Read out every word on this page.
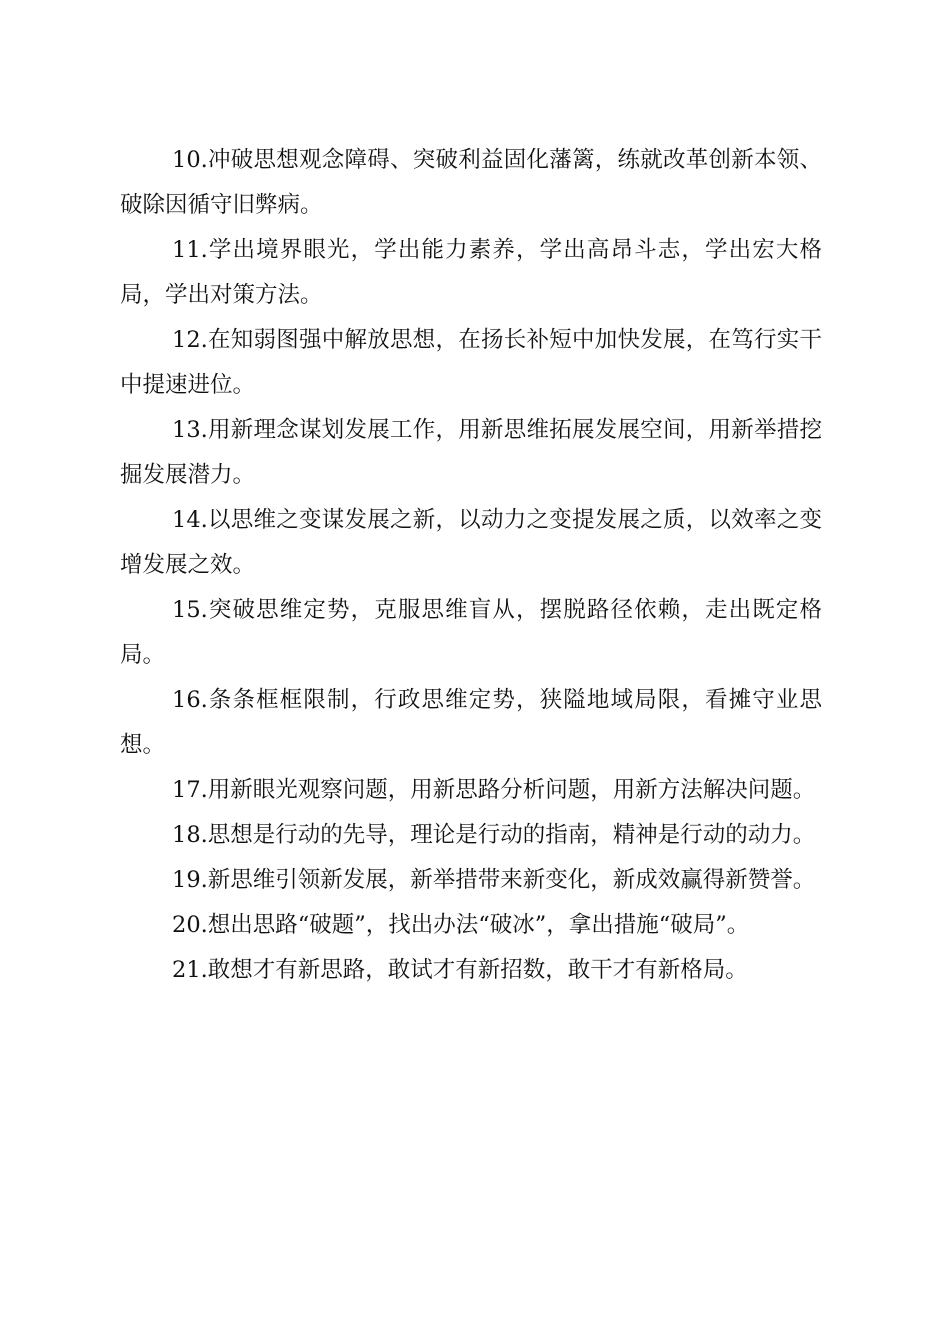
10.冲破思想观念障碍、突破利益固化藩篱，练就改革创新本领、破除因循守旧弊病。

11.学出境界眼光，学出能力素养，学出高昂斗志，学出宏大格局，学出对策方法。

12.在知弱图强中解放思想，在扬长补短中加快发展，在笃行实干中提速进位。

13.用新理念谋划发展工作，用新思维拓展发展空间，用新举措挖掘发展潜力。

14.以思维之变谋发展之新，以动力之变提发展之质，以效率之变增发展之效。

15.突破思维定势，克服思维盲从，摆脱路径依赖，走出既定格局。

16.条条框框限制，行政思维定势，狭隘地域局限，看摊守业思想。

17.用新眼光观察问题，用新思路分析问题，用新方法解决问题。

18.思想是行动的先导，理论是行动的指南，精神是行动的动力。

19.新思维引领新发展，新举措带来新变化，新成效赢得新赞誉。

20.想出思路“破题”，找出办法“破冰”，拿出措施“破局”。

21.敢想才有新思路，敢试才有新招数，敢干才有新格局。
